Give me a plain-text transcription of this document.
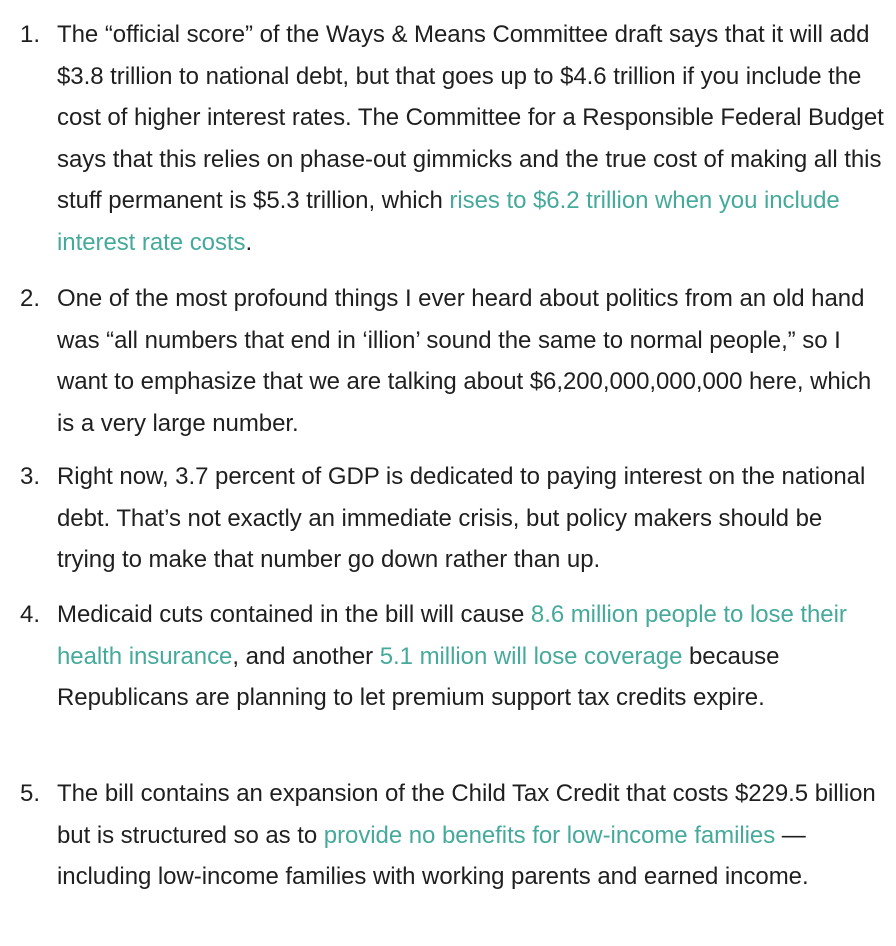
1. The “official score” of the Ways & Means Committee draft says that it will add $3.8 trillion to national debt, but that goes up to $4.6 trillion if you include the cost of higher interest rates. The Committee for a Responsible Federal Budget says that this relies on phase-out gimmicks and the true cost of making all this stuff permanent is $5.3 trillion, which rises to $6.2 trillion when you include interest rate costs.
2. One of the most profound things I ever heard about politics from an old hand was “all numbers that end in ‘illion’ sound the same to normal people,” so I want to emphasize that we are talking about $6,200,000,000,000 here, which is a very large number.
3. Right now, 3.7 percent of GDP is dedicated to paying interest on the national debt. That’s not exactly an immediate crisis, but policy makers should be trying to make that number go down rather than up.
4. Medicaid cuts contained in the bill will cause 8.6 million people to lose their health insurance, and another 5.1 million will lose coverage because Republicans are planning to let premium support tax credits expire.
5. The bill contains an expansion of the Child Tax Credit that costs $229.5 billion but is structured so as to provide no benefits for low-income families — including low-income families with working parents and earned income.
